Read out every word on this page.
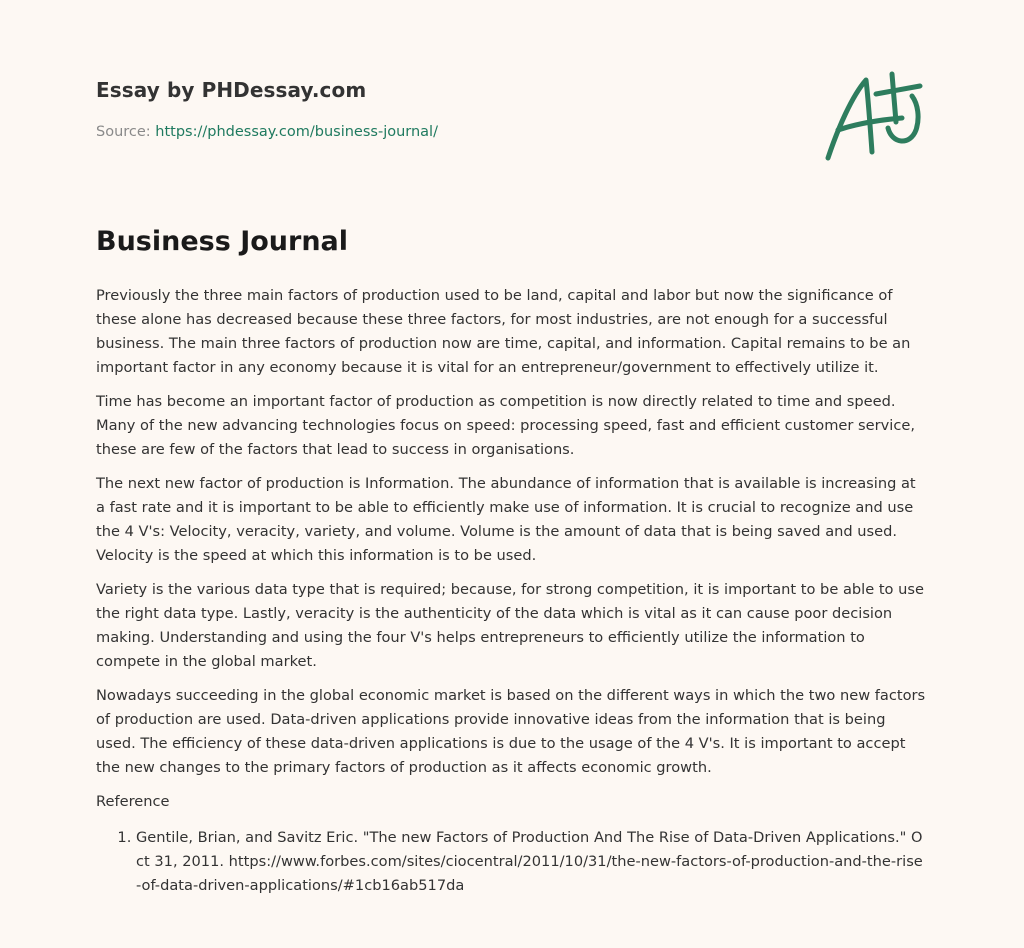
Essay by PHDessay.com
Source: https://phdessay.com/business-journal/
Business Journal

Previously the three main factors of production used to be land, capital and labor but now the significance of these alone has decreased because these three factors, for most industries, are not enough for a successful business. The main three factors of production now are time, capital, and information. Capital remains to be an important factor in any economy because it is vital for an entrepreneur/government to effectively utilize it.

Time has become an important factor of production as competition is now directly related to time and speed. Many of the new advancing technologies focus on speed: processing speed, fast and efficient customer service, these are few of the factors that lead to success in organisations.

The next new factor of production is Information. The abundance of information that is available is increasing at a fast rate and it is important to be able to efficiently make use of information. It is crucial to recognize and use the 4 V's: Velocity, veracity, variety, and volume. Volume is the amount of data that is being saved and used. Velocity is the speed at which this information is to be used.

Variety is the various data type that is required; because, for strong competition, it is important to be able to use the right data type. Lastly, veracity is the authenticity of the data which is vital as it can cause poor decision making. Understanding and using the four V's helps entrepreneurs to efficiently utilize the information to compete in the global market.

Nowadays succeeding in the global economic market is based on the different ways in which the two new factors of production are used. Data-driven applications provide innovative ideas from the information that is being used. The efficiency of these data-driven applications is due to the usage of the 4 V's. It is important to accept the new changes to the primary factors of production as it affects economic growth.

Reference
1. Gentile, Brian, and Savitz Eric. "The new Factors of Production And The Rise of Data-Driven Applications." Oct 31, 2011. https://www.forbes.com/sites/ciocentral/2011/10/31/the-new-factors-of-production-and-the-rise-of-data-driven-applications/#1cb16ab517da
